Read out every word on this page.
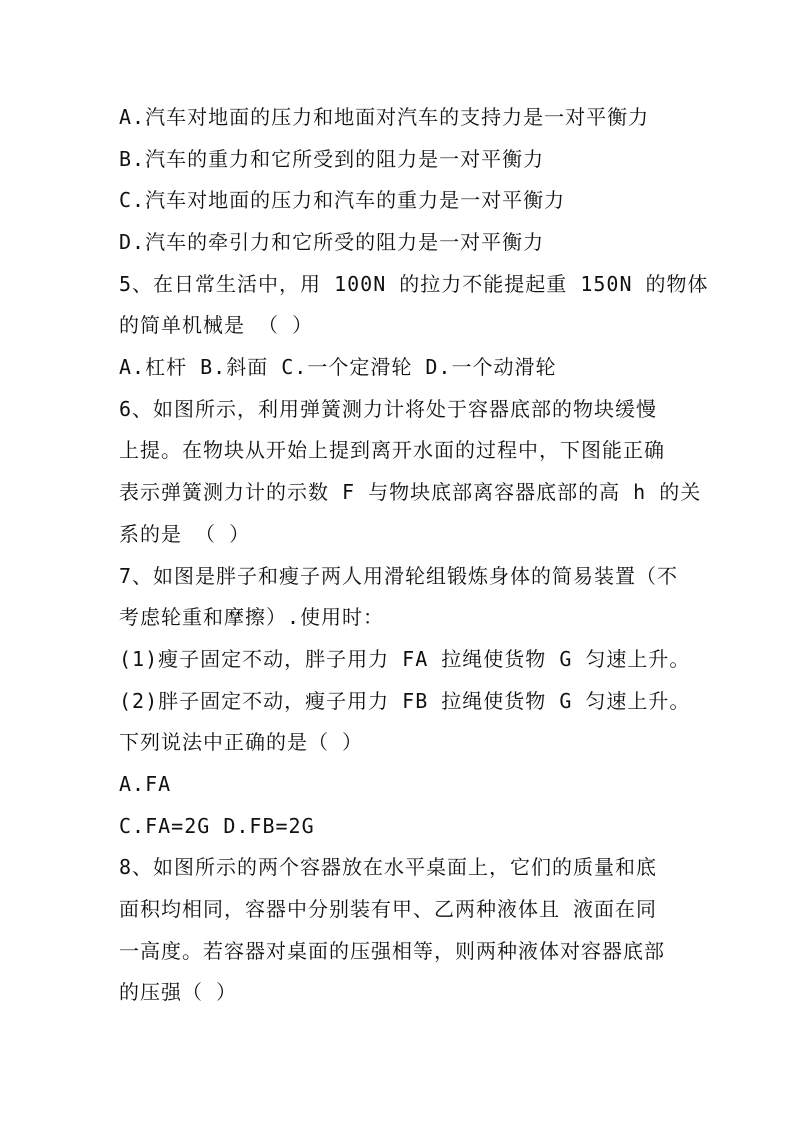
A.汽车对地面的压力和地面对汽车的支持力是一对平衡力
B.汽车的重力和它所受到的阻力是一对平衡力
C.汽车对地面的压力和汽车的重力是一对平衡力
D.汽车的牵引力和它所受的阻力是一对平衡力
5、在日常生活中，用 100N 的拉力不能提起重 150N 的物体
的简单机械是 （ ）
A.杠杆 B.斜面 C.一个定滑轮 D.一个动滑轮
6、如图所示，利用弹簧测力计将处于容器底部的物块缓慢
上提。在物块从开始上提到离开水面的过程中，下图能正确
表示弹簧测力计的示数 F 与物块底部离容器底部的高 h 的关
系的是 （ ）
7、如图是胖子和瘦子两人用滑轮组锻炼身体的简易装置（不
考虑轮重和摩擦）.使用时：
(1)瘦子固定不动，胖子用力 FA 拉绳使货物 G 匀速上升。
(2)胖子固定不动，瘦子用力 FB 拉绳使货物 G 匀速上升。
下列说法中正确的是（ ）
A.FA
C.FA=2G D.FB=2G
8、如图所示的两个容器放在水平桌面上，它们的质量和底
面积均相同，容器中分别装有甲、乙两种液体且 液面在同
一高度。若容器对桌面的压强相等，则两种液体对容器底部
的压强（ ）
